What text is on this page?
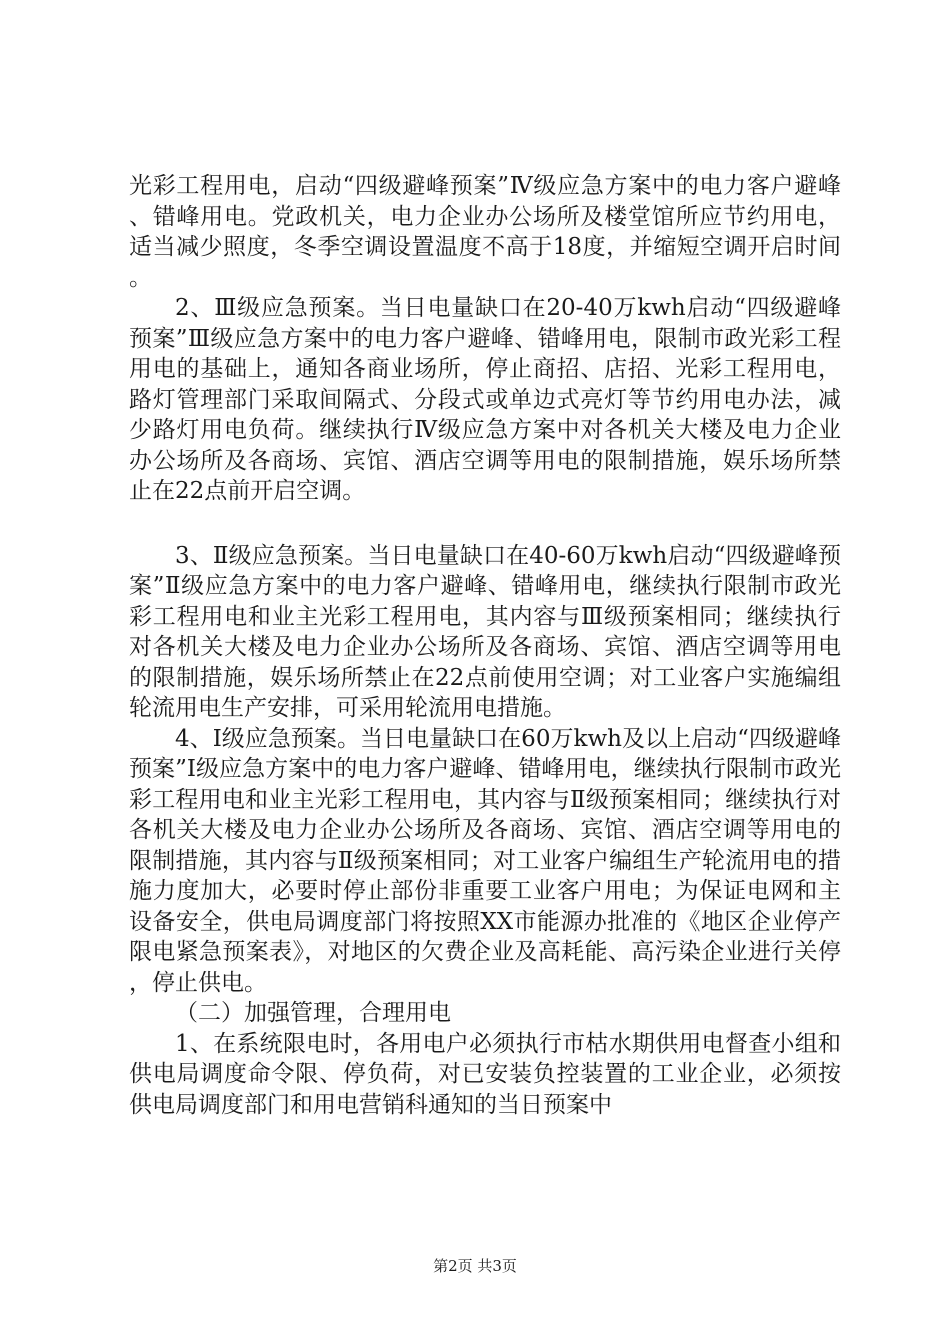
光彩工程用电，启动“四级避峰预案”Ⅳ级应急方案中的电力客户避峰、错峰用电。党政机关，电力企业办公场所及楼堂馆所应节约用电，适当减少照度，冬季空调设置温度不高于18度，并缩短空调开启时间。

2、Ⅲ级应急预案。当日电量缺口在20-40万kwh启动“四级避峰预案”Ⅲ级应急方案中的电力客户避峰、错峰用电，限制市政光彩工程用电的基础上，通知各商业场所，停止商招、店招、光彩工程用电，路灯管理部门采取间隔式、分段式或单边式亮灯等节约用电办法，减少路灯用电负荷。继续执行Ⅳ级应急方案中对各机关大楼及电力企业办公场所及各商场、宾馆、酒店空调等用电的限制措施，娱乐场所禁止在22点前开启空调。

3、Ⅱ级应急预案。当日电量缺口在40-60万kwh启动“四级避峰预案”Ⅱ级应急方案中的电力客户避峰、错峰用电，继续执行限制市政光彩工程用电和业主光彩工程用电，其内容与Ⅲ级预案相同；继续执行对各机关大楼及电力企业办公场所及各商场、宾馆、酒店空调等用电的限制措施，娱乐场所禁止在22点前使用空调；对工业客户实施编组轮流用电生产安排，可采用轮流用电措施。

4、Ⅰ级应急预案。当日电量缺口在60万kwh及以上启动“四级避峰预案”Ⅰ级应急方案中的电力客户避峰、错峰用电，继续执行限制市政光彩工程用电和业主光彩工程用电，其内容与Ⅱ级预案相同；继续执行对各机关大楼及电力企业办公场所及各商场、宾馆、酒店空调等用电的限制措施，其内容与Ⅱ级预案相同；对工业客户编组生产轮流用电的措施力度加大，必要时停止部份非重要工业客户用电；为保证电网和主设备安全，供电局调度部门将按照XX市能源办批准的《地区企业停产限电紧急预案表》，对地区的欠费企业及高耗能、高污染企业进行关停，停止供电。

（二）加强管理，合理用电

1、在系统限电时，各用电户必须执行市枯水期供用电督查小组和供电局调度命令限、停负荷，对已安装负控装置的工业企业，必须按供电局调度部门和用电营销科通知的当日预案中

第2页 共3页
